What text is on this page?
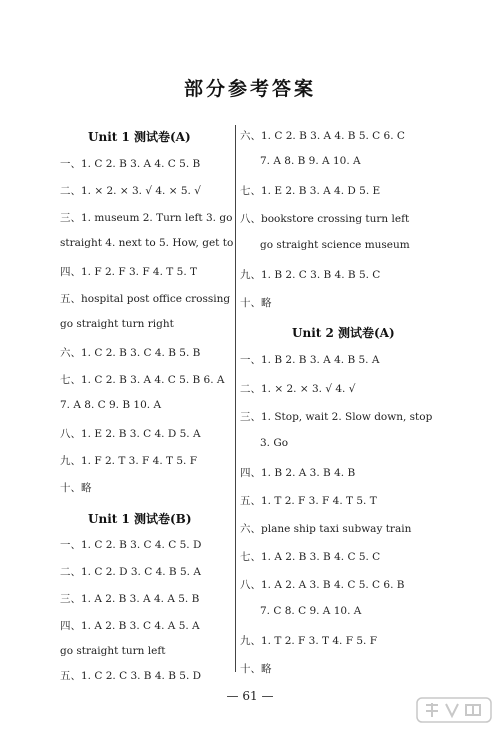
部分参考答案
Unit 1 测试卷(A)
一、1. C 2. B 3. A 4. C 5. B
二、1. × 2. × 3. √ 4. × 5. √
三、1. museum 2. Turn left 3. go
straight 4. next to 5. How, get to
四、1. F 2. F 3. F 4. T 5. T
五、hospital post office crossing
go straight turn right
六、1. C 2. B 3. C 4. B 5. B
七、1. C 2. B 3. A 4. C 5. B 6. A
7. A 8. C 9. B 10. A
八、1. E 2. B 3. C 4. D 5. A
九、1. F 2. T 3. F 4. T 5. F
十、略
Unit 1 测试卷(B)
一、1. C 2. B 3. C 4. C 5. D
二、1. C 2. D 3. C 4. B 5. A
三、1. A 2. B 3. A 4. A 5. B
四、1. A 2. B 3. C 4. A 5. A
go straight turn left
五、1. C 2. C 3. B 4. B 5. D
六、1. C 2. B 3. A 4. B 5. C 6. C
7. A 8. B 9. A 10. A
七、1. E 2. B 3. A 4. D 5. E
八、bookstore crossing turn left
go straight science museum
九、1. B 2. C 3. B 4. B 5. C
十、略
Unit 2 测试卷(A)
一、1. B 2. B 3. A 4. B 5. A
二、1. × 2. × 3. √ 4. √
三、1. Stop, wait 2. Slow down, stop
3. Go
四、1. B 2. A 3. B 4. B
五、1. T 2. F 3. F 4. T 5. T
六、plane ship taxi subway train
七、1. A 2. B 3. B 4. C 5. C
八、1. A 2. A 3. B 4. C 5. C 6. B
7. C 8. C 9. A 10. A
九、1. T 2. F 3. T 4. F 5. F
十、略
— 61 —
